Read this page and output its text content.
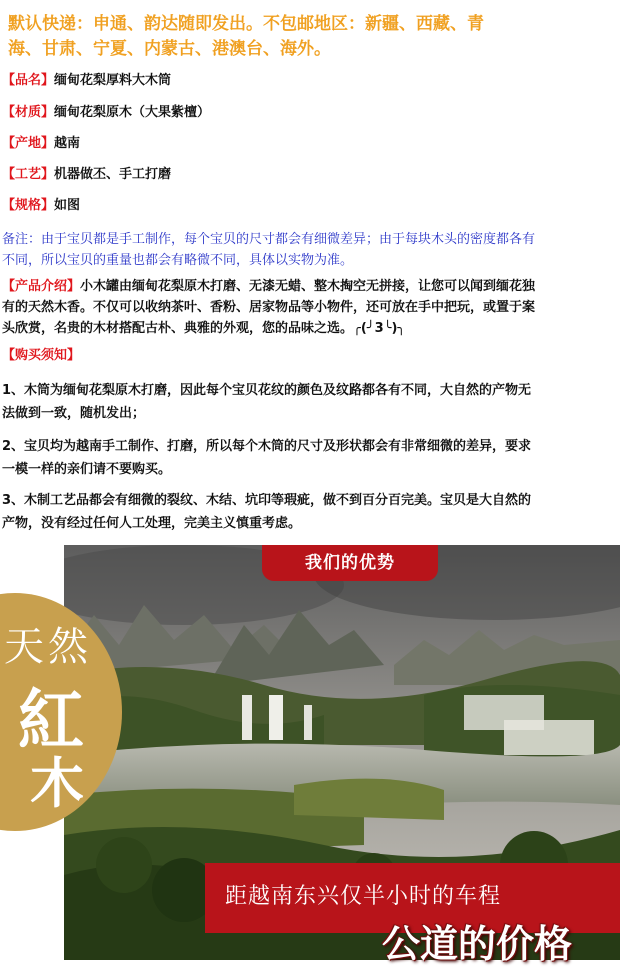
默认快递：申通、韵达随即发出。不包邮地区：新疆、西藏、青
海、甘肃、宁夏、内蒙古、港澳台、海外。
【品名】缅甸花梨厚料大木筒
【材质】缅甸花梨原木（大果紫檀）
【产地】越南
【工艺】机器做丕、手工打磨
【规格】如图
备注：由于宝贝都是手工制作，每个宝贝的尺寸都会有细微差异；由于每块木头的密度都各有
不同，所以宝贝的重量也都会有略微不同，具体以实物为准。
【产品介绍】小木罐由缅甸花梨原木打磨、无漆无蜡、整木掏空无拼接，让您可以闻到缅花独
有的天然木香。不仅可以收纳茶叶、香粉、居家物品等小物件，还可放在手中把玩，或置于案
头欣赏，名贵的木材搭配古朴、典雅的外观，您的品味之选。╭(╯3╰)╮
【购买须知】
1、木筒为缅甸花梨原木打磨，因此每个宝贝花纹的颜色及纹路都各有不同，大自然的产物无
法做到一致，随机发出；
2、宝贝均为越南手工制作、打磨，所以每个木筒的尺寸及形状都会有非常细微的差异，要求
一模一样的亲们请不要购买。
3、木制工艺品都会有细微的裂纹、木结、坑印等瑕疵，做不到百分百完美。宝贝是大自然的
产物，没有经过任何人工处理，完美主义慎重考虑。
我们的优势
天然
紅
木
距越南东兴仅半小时的车程
公道的价格
